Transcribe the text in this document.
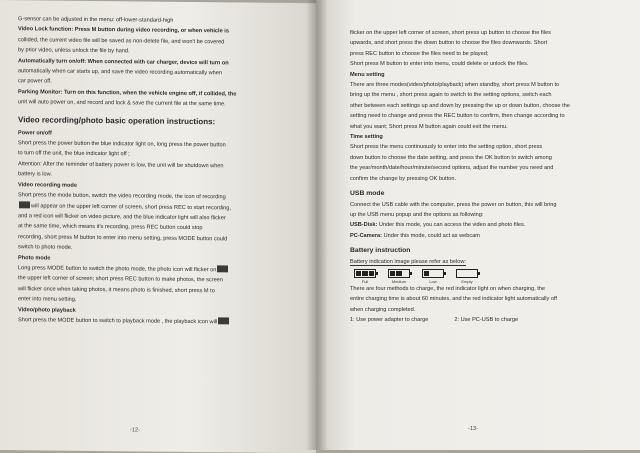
G-sensor can be adjusted in the menu: off-lower-standard-high
Video Lock function: Press M button during video recording, or when vehicle is
collided, the current video file will be saved as non-delete file, and won't be covered
by prior video, unless unlock the file by hand.
Automatically turn on/off: When connected with car charger, device will turn on
automatically when car starts up, and save the video recording automatically when
car power off.
Parking Monitor: Turn on this function, when the vehicle engine off, if collided, the
unit will auto power on, and record and lock & save the current file at the same time.
Video recording/photo basic operation instructions:
Power on/off
Short press the power button the blue indicator light on, long press the power button
to turn off the unit, the blue indicator light off ;
Attention: After the reminder of battery power is low, the unit will be shutdown when
battery is low.
Video recording mode
Short press the mode button, switch the video recording mode, the icon of recording
will appear on the upper left corner of screen, short press REC to start recording,
and a red icon will flicker on video picture, and the blue indicator light will also flicker
at the same time, which means it's recording, press REC button could stop
recording, short press M button to enter into menu setting, press MODE button could
switch to photo mode.
Photo mode
Long press MODE button to switch the photo mode, the photo icon will flicker on
the upper left corner of screen; short press REC button to make photos, the screen
will flicker once when taking photos, it means photo is finished, short press M to
enter into menu setting.
Video/photo playback
Short press the MODE button to switch to playback mode , the playback icon will
-12-
flicker on the upper left corner of screen, short press up button to choose the files
upwards, and short press the down button to choose the files downwards. Short
press REC button to choose the files need to be played;
Short press M button to enter into menu, could delete or unlock the files.
Menu setting
There are three modes(video/photo/playback) when standby, short press M button to
bring up the menu , short press again to switch to the setting options, switch each
other between each settings up and down by pressing the up or down button, choose the
setting need to change and press the REC button to confirm, then change according to
what you want; Short press M button again could exit the menu.
Time setting
Short press the menu continuously to enter into the setting option, short press
down button to choose the date setting, and press the OK button to switch among
the year/month/date/hour/minute/second options, adjust the number you need and
confirm the change by pressing OK button.
USB mode
Connect the USB cable with the computer, press the power on button, this will bring
up the USB menu popup and the options as following:
USB-Disk: Under this mode, you can access the video and photo files.
PC-Camera: Under this mode, could act as webcam
Battery instruction
Battery indication image please refer as below:
Full	Medium	Low	Empty
There are four methods to charge, the red indicator light on when charging, the
entire charging time is about 60 minutes, and the red indicator light automatically off
when charging completed.
1: Use power adapter to charge	2: Use PC-USB to charge
-13-
